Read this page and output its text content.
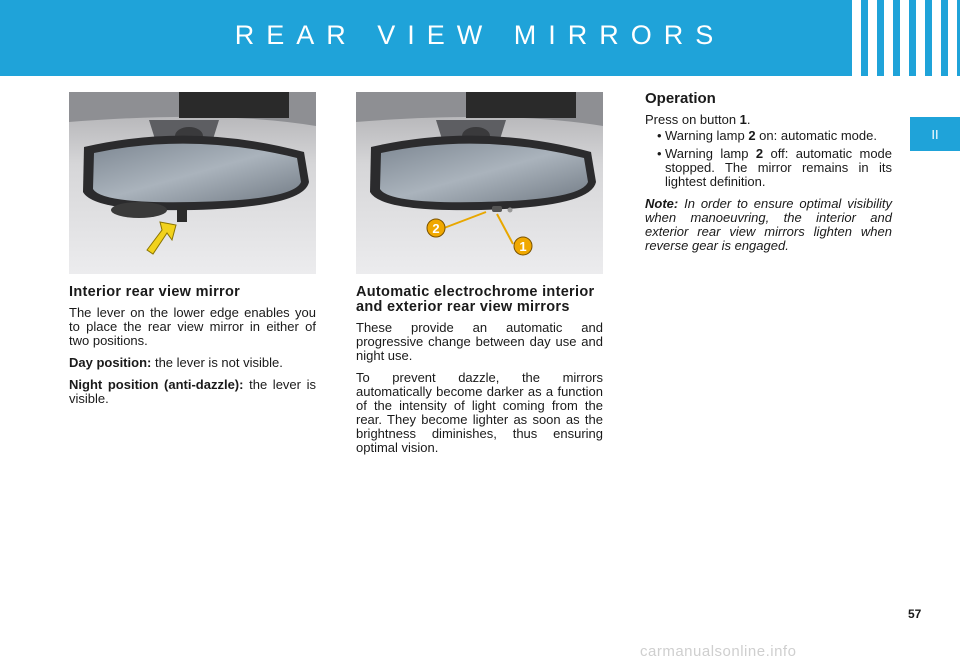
REAR VIEW MIRRORS
II
2
1
Interior rear view mirror

The lever on the lower edge enables you to place the rear view mirror in either of two positions.

Day position: the lever is not visible.

Night position (anti-dazzle): the lever is visible.

Automatic electrochrome interior and exterior rear view mirrors

These provide an automatic and progressive change between day use and night use.

To prevent dazzle, the mirrors automatically become darker as a function of the intensity of light coming from the rear. They become lighter as soon as the brightness diminishes, thus ensuring optimal vision.

Operation

Press on button 1.

• Warning lamp 2 on: automatic mode.
• Warning lamp 2 off: automatic mode stopped. The mirror remains in its lightest definition.

Note: In order to ensure optimal visibility when manoeuvring, the interior and exterior rear view mirrors lighten when reverse gear is engaged.

57
carmanualsonline.info
